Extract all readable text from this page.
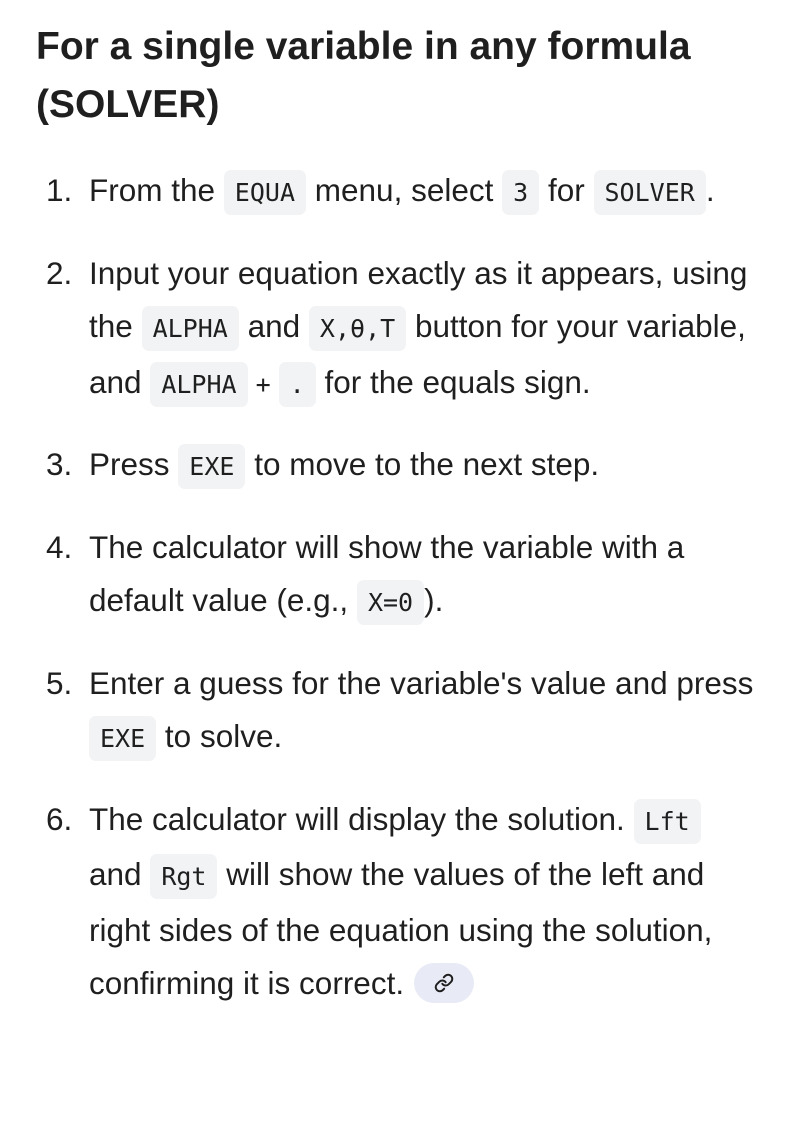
For a single variable in any formula (SOLVER)
1. From the EQUA menu, select 3 for SOLVER .
2. Input your equation exactly as it appears, using the ALPHA and X,θ,T button for your variable, and ALPHA + . for the equals sign.
3. Press EXE to move to the next step.
4. The calculator will show the variable with a default value (e.g., X=0 ).
5. Enter a guess for the variable's value and press EXE to solve.
6. The calculator will display the solution. Lft and Rgt will show the values of the left and right sides of the equation using the solution, confirming it is correct.
